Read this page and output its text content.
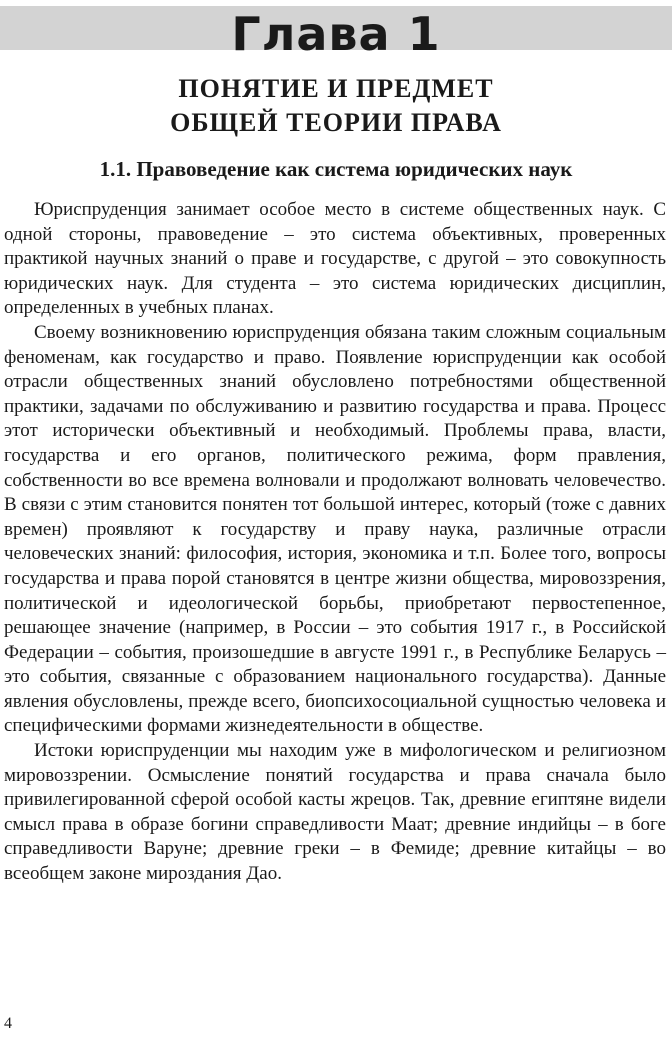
Глава 1
ПОНЯТИЕ И ПРЕДМЕТ
ОБЩЕЙ ТЕОРИИ ПРАВА
1.1. Правоведение как система юридических наук

Юриспруденция занимает особое место в системе общественных наук. С одной стороны, правоведение – это система объективных, проверенных практикой научных знаний о праве и государстве, с другой – это совокупность юридических наук. Для студента – это система юридических дисциплин, определенных в учебных планах.

Своему возникновению юриспруденция обязана таким сложным социальным феноменам, как государство и право. Появление юриспруденции как особой отрасли общественных знаний обусловлено потребностями общественной практики, задачами по обслуживанию и развитию государства и права. Процесс этот исторически объективный и необходимый. Проблемы права, власти, государства и его органов, политического режима, форм правления, собственности во все времена волновали и продолжают волновать человечество. В связи с этим становится понятен тот большой интерес, который (тоже с давних времен) проявляют к государству и праву наука, различные отрасли человеческих знаний: философия, история, экономика и т.п. Более того, вопросы государства и права порой становятся в центре жизни общества, мировоззрения, политической и идеологической борьбы, приобретают первостепенное, решающее значение (например, в России – это события 1917 г., в Российской Федерации – события, произошедшие в августе 1991 г., в Республике Беларусь – это события, связанные с образованием национального государства). Данные явления обусловлены, прежде всего, биопсихосоциальной сущностью человека и специфическими формами жизнедеятельности в обществе.

Истоки юриспруденции мы находим уже в мифологическом и религиозном мировоззрении. Осмысление понятий государства и права сначала было привилегированной сферой особой касты жрецов. Так, древние египтяне видели смысл права в образе богини справедливости Маат; древние индийцы – в боге справедливости Варуне; древние греки – в Фемиде; древние китайцы – во всеобщем законе мироздания Дао.

4
